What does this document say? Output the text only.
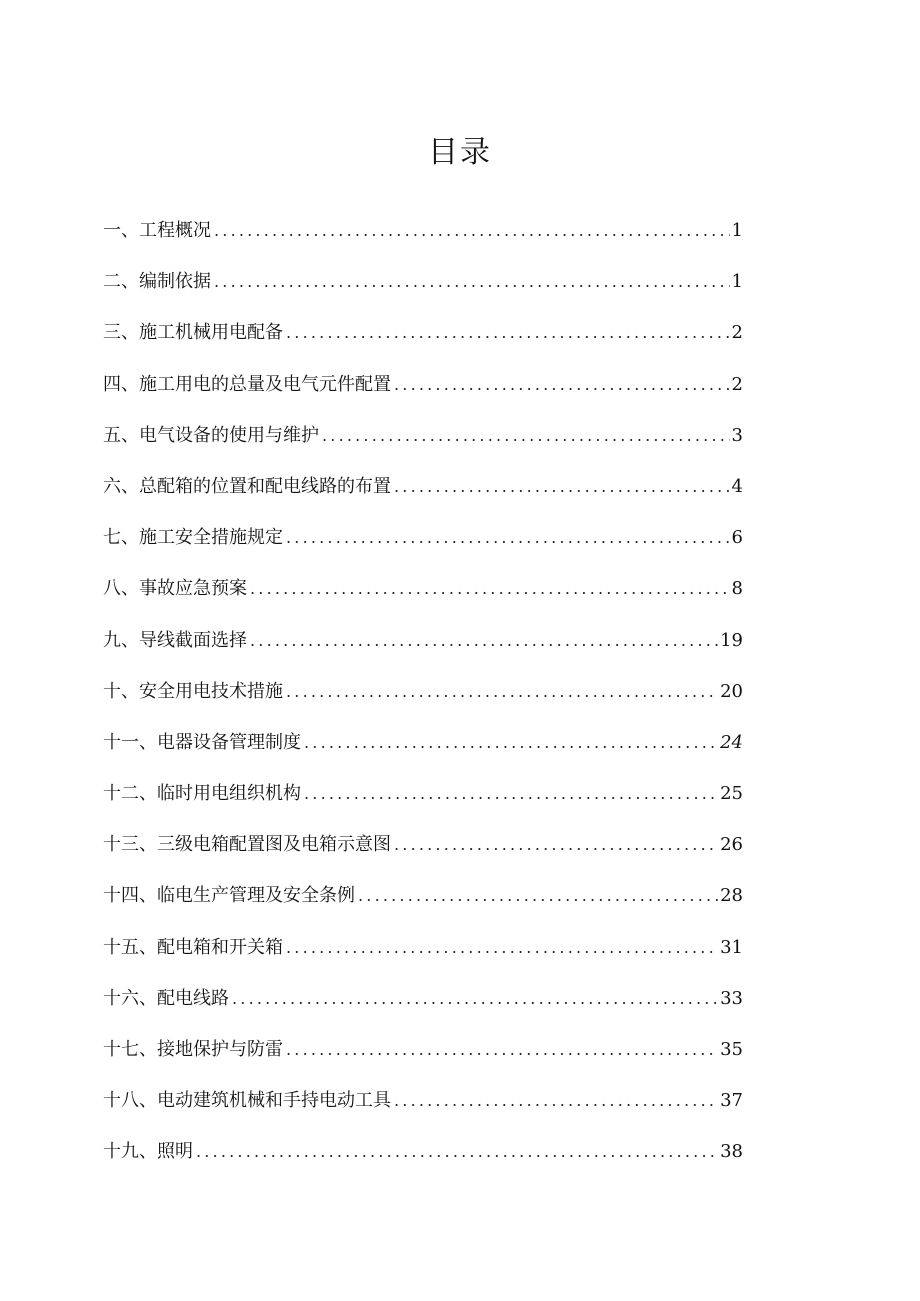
目录
一、工程概况 .....	1
二、编制依据 .....	1
三、施工机械用电配备 .....	2
四、施工用电的总量及电气元件配置 .....	2
五、电气设备的使用与维护 .....	3
六、总配箱的位置和配电线路的布置 .....	4
七、施工安全措施规定 .....	6
八、事故应急预案 .....	8
九、导线截面选择 .....	19
十、安全用电技术措施 .....	20
十一、电器设备管理制度 .....	24
十二、临时用电组织机构 .....	25
十三、三级电箱配置图及电箱示意图 .....	26
十四、临电生产管理及安全条例 .....	28
十五、配电箱和开关箱 .....	31
十六、配电线路 .....	33
十七、接地保护与防雷 .....	35
十八、电动建筑机械和手持电动工具 .....	37
十九、照明 .....	38
